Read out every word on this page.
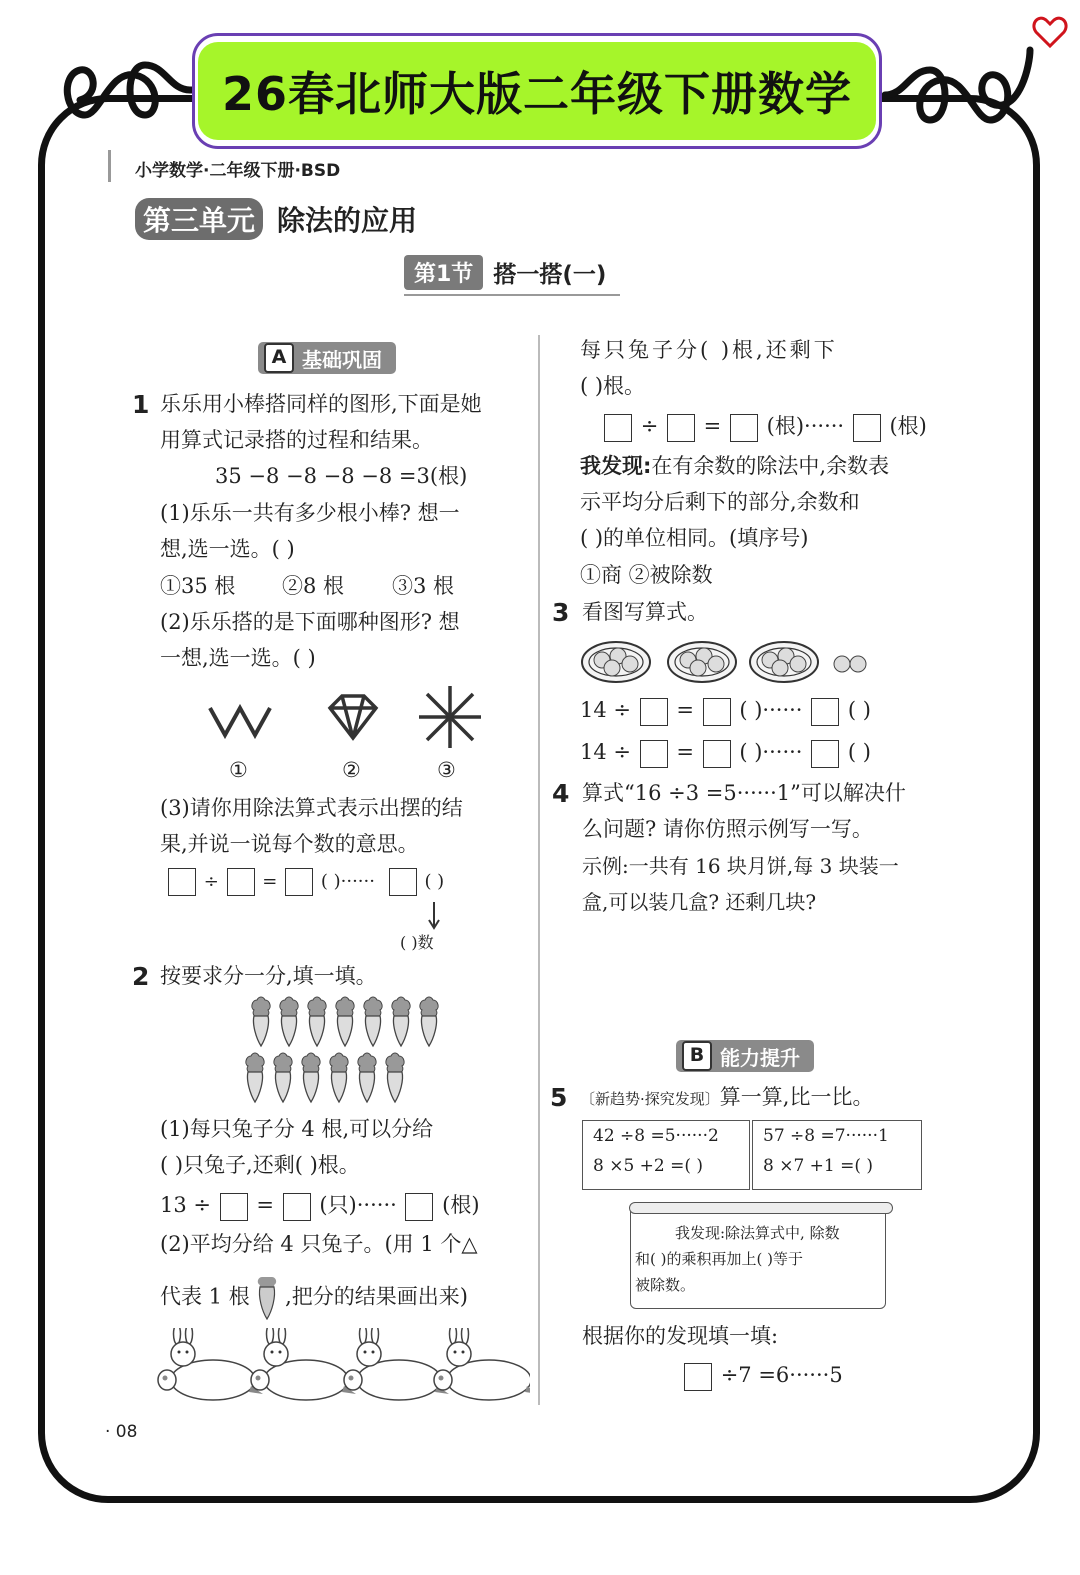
26春北师大版二年级下册数学
小学数学·二年级下册·BSD
第三单元 除法的应用
第1节 搭一搭(一)
A 基础巩固
1 乐乐用小棒搭同样的图形,下面是她
用算式记录搭的过程和结果。
35 −8 −8 −8 −8 =3(根)
(1)乐乐一共有多少根小棒? 想一
想,选一选。( )
①35 根 ②8 根 ③3 根
(2)乐乐搭的是下面哪种图形? 想
一想,选一选。( )
①	②	③
(3)请你用除法算式表示出摆的结
果,并说一说每个数的意思。
÷ = ( )······	( )
( )数
2 按要求分一分,填一填。
(1)每只兔子分 4 根,可以分给
( )只兔子,还剩( )根。
13 ÷ = (只)······ (根)
(2)平均分给 4 只兔子。(用 1 个△
代表 1 根 ,把分的结果画出来)
· 08
每只兔子分( )根,还剩下
( )根。
÷ = (根)······ (根)
我发现:在有余数的除法中,余数表
示平均分后剩下的部分,余数和
( )的单位相同。(填序号)
①商 ②被除数
3 看图写算式。
14 ÷ = ( )······ ( )
14 ÷ = ( )······ ( )
4 算式“16 ÷3 =5······1”可以解决什
么问题? 请你仿照示例写一写。
示例:一共有 16 块月饼,每 3 块装一
盒,可以装几盒? 还剩几块?
B 能力提升
5 〔新趋势·探究发现〕算一算,比一比。
42 ÷8 =5······2
8 ×5 +2 =( )
57 ÷8 =7······1
8 ×7 +1 =( )
我发现:除法算式中, 除数
和( )的乘积再加上( )等于
被除数。
根据你的发现填一填:
÷7 =6······5
